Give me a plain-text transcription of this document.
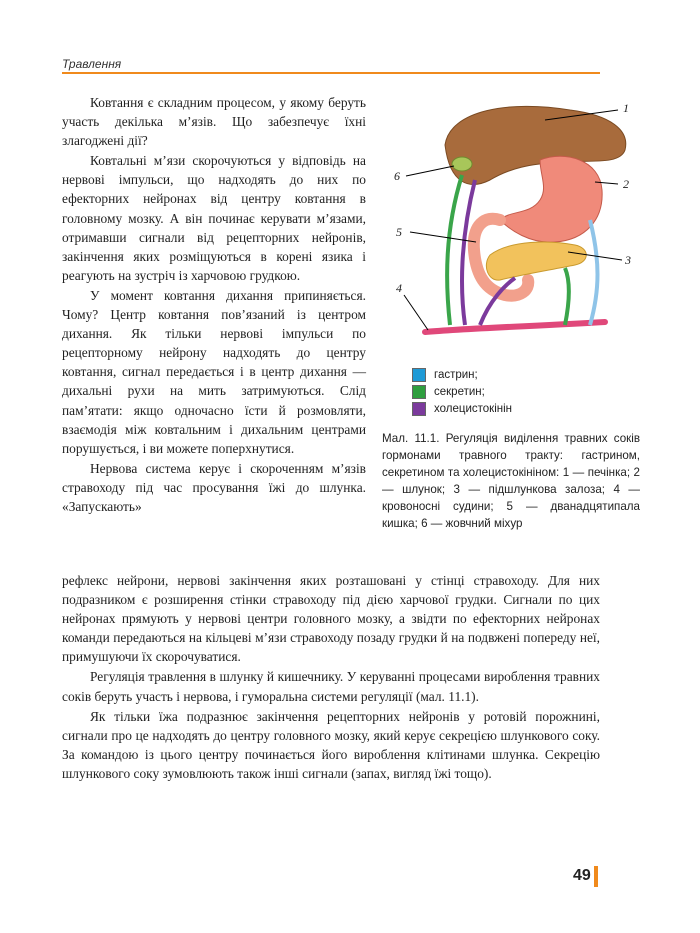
Травлення

Ковтання є складним процесом, у якому беруть участь декілька м’язів. Що забезпечує їхні злагоджені дії?

Ковтальні м’язи скорочуються у відповідь на нервові імпульси, що надходять до них по ефекторних нейронах від центру ковтання в головному мозку. А він починає керувати м’язами, отримавши сигнали від рецепторних нейронів, закінчення яких розміщуються в корені язика і реагують на зустріч із харчовою грудкою.

У момент ковтання дихання припиняється. Чому? Центр ковтання пов’язаний із центром дихання. Як тільки нервові імпульси по рецепторному нейрону надходять до центру ковтання, сигнал передається і в центр дихання — дихальні рухи на мить затримуються. Слід пам’ятати: якщо одночасно їсти й розмовляти, взаємодія між ковтальним і дихальним центрами порушується, і ви можете поперхнутися.

Нервова система керує і скороченням м’язів стравоходу під час просування їжі до шлунка. «Запускають»

1
2
3
4
5
6
гастрин;
секретин;
холецистокінін
Мал. 11.1. Регуляція виділення травних соків гормонами травного тракту: гастрином, секретином та холецистокініном: 1 — печінка; 2 — шлунок; 3 — підшлункова залоза; 4 — кровоносні судини; 5 — дванадцятипала кишка; 6 — жовчний міхур

рефлекс нейрони, нервові закінчення яких розташовані у стінці стравоходу. Для них подразником є розширення стінки стравоходу під дією харчової грудки. Сигнали по цих нейронах прямують у нервові центри головного мозку, а звідти по ефекторних нейронах команди передаються на кільцеві м’язи стравоходу позаду грудки й на подвжені попереду неї, примушуючи їх скорочуватися.

Регуляція травлення в шлунку й кишечнику. У керуванні процесами вироблення травних соків беруть участь і нервова, і гуморальна системи регуляції (мал. 11.1).

Як тільки їжа подразнює закінчення рецепторних нейронів у ротовій порожнині, сигнали про це надходять до центру головного мозку, який керує секрецією шлункового соку. За командою із цього центру починається його вироблення клітинами шлунка. Секрецію шлункового соку зумовлюють також інші сигнали (запах, вигляд їжі тощо).

49
